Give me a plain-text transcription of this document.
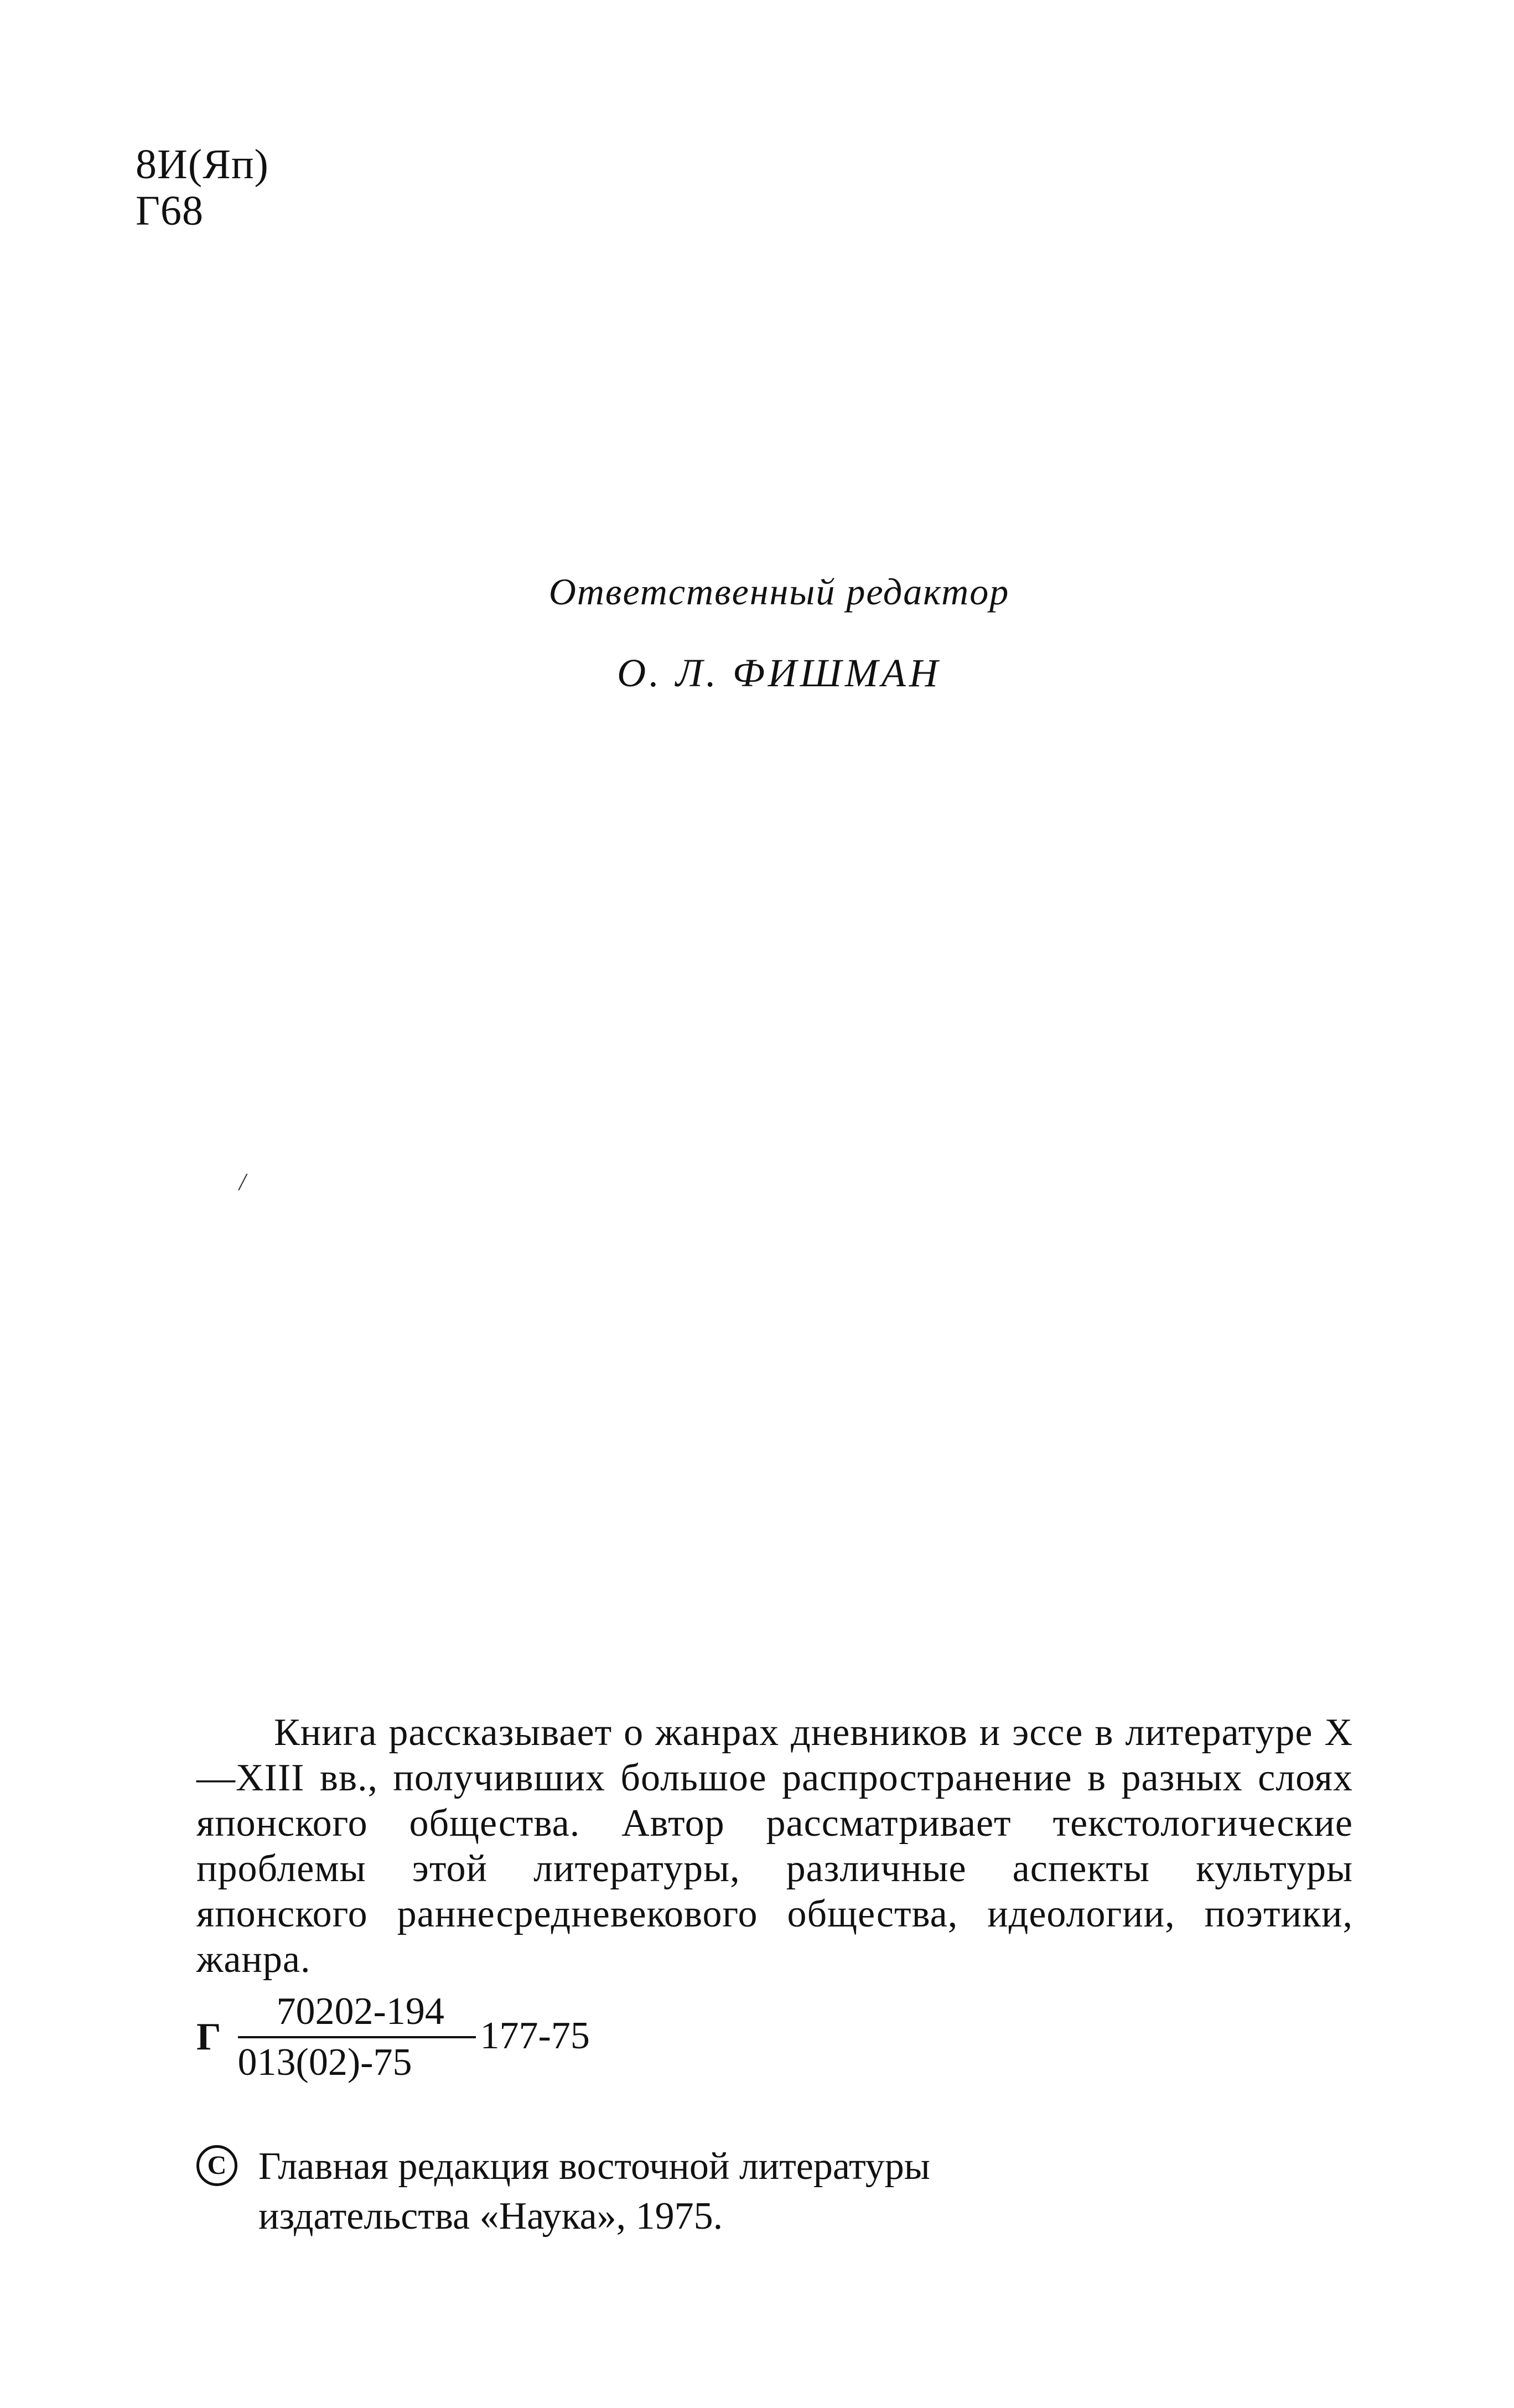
8И(Яп)
Г68
Ответственный редактор
О. Л. ФИШМАН
/

Книга рассказывает о жанрах дневников и эссе в литературе X—XIII вв., получивших большое распространение в разных слоях японского общества. Автор рассматривает текстологические проблемы этой литературы, различные аспекты культуры японского раннесредневекового общества, идеологии, поэтики, жанра.

Г $\frac{70202-194}{013(02)-75} 177-75$
C Главная редакция восточной литературы
издательства «Наука», 1975.
